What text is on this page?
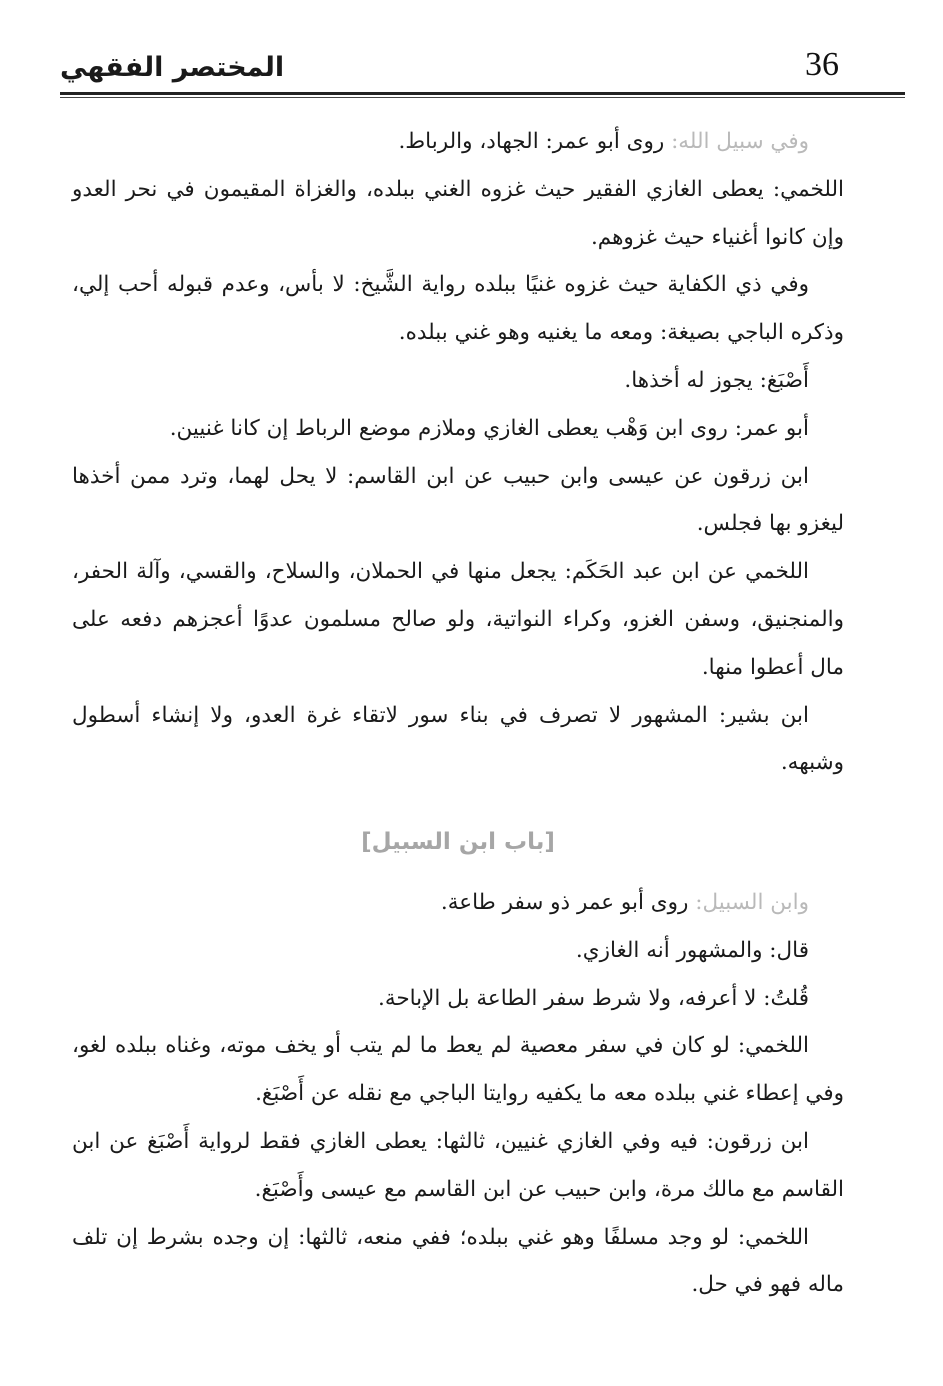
36
المختصر الفقهي

وفي سبيل الله: روى أبو عمر: الجهاد، والرباط.

اللخمي: يعطى الغازي الفقير حيث غزوه الغني ببلده، والغزاة المقيمون في نحر العدو وإن كانوا أغنياء حيث غزوهم.

وفي ذي الكفاية حيث غزوه غنيًا ببلده رواية الشَّيخ: لا بأس، وعدم قبوله أحب إلي، وذكره الباجي بصيغة: ومعه ما يغنيه وهو غني ببلده.

أَصْبَغ: يجوز له أخذها.

أبو عمر: روى ابن وَهْب يعطى الغازي وملازم موضع الرباط إن كانا غنيين.

ابن زرقون عن عيسى وابن حبيب عن ابن القاسم: لا يحل لهما، وترد ممن أخذها ليغزو بها فجلس.

اللخمي عن ابن عبد الحَكَم: يجعل منها في الحملان، والسلاح، والقسي، وآلة الحفر، والمنجنيق، وسفن الغزو، وكراء النواتية، ولو صالح مسلمون عدوًا أعجزهم دفعه على مال أعطوا منها.

ابن بشير: المشهور لا تصرف في بناء سور لاتقاء غرة العدو، ولا إنشاء أسطول وشبهه.

[باب ابن السبيل]

وابن السبيل: روى أبو عمر ذو سفر طاعة.

قال: والمشهور أنه الغازي.

قُلتُ: لا أعرفه، ولا شرط سفر الطاعة بل الإباحة.

اللخمي: لو كان في سفر معصية لم يعط ما لم يتب أو يخف موته، وغناه ببلده لغو، وفي إعطاء غني ببلده معه ما يكفيه روايتا الباجي مع نقله عن أَصْبَغ.

ابن زرقون: فيه وفي الغازي غنيين، ثالثها: يعطى الغازي فقط لرواية أَصْبَغ عن ابن القاسم مع مالك مرة، وابن حبيب عن ابن القاسم مع عيسى وأَصْبَغ.

اللخمي: لو وجد مسلفًا وهو غني ببلده؛ ففي منعه، ثالثها: إن وجده بشرط إن تلف ماله فهو في حل.
